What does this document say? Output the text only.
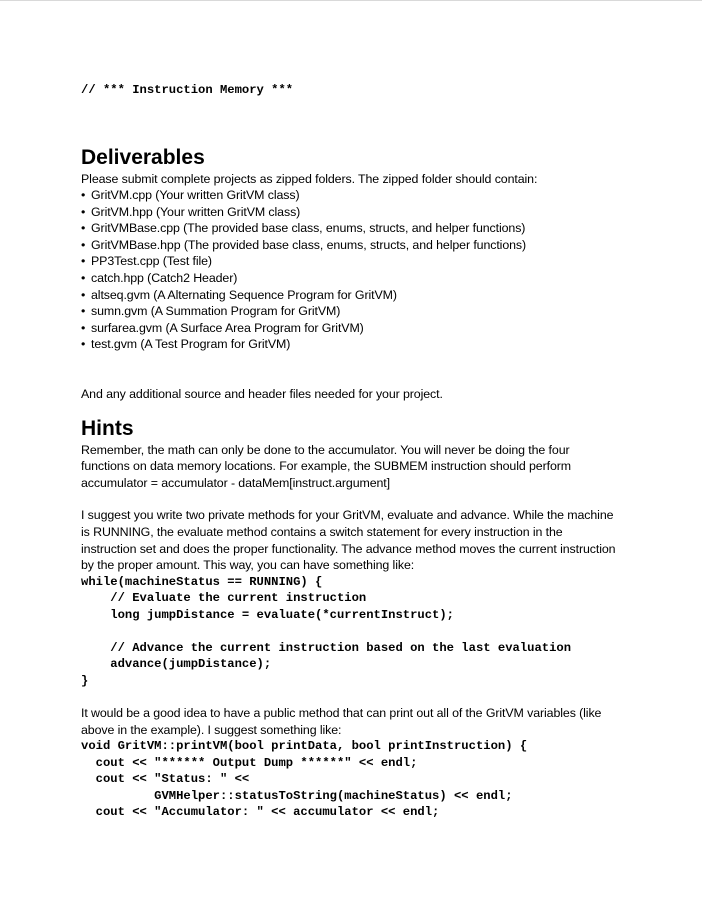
// *** Instruction Memory ***
Deliverables

Please submit complete projects as zipped folders. The zipped folder should contain:

• GritVM.cpp (Your written GritVM class)
• GritVM.hpp (Your written GritVM class)
• GritVMBase.cpp (The provided base class, enums, structs, and helper functions)
• GritVMBase.hpp (The provided base class, enums, structs, and helper functions)
• PP3Test.cpp (Test file)
• catch.hpp (Catch2 Header)
• altseq.gvm (A Alternating Sequence Program for GritVM)
• sumn.gvm (A Summation Program for GritVM)
• surfarea.gvm (A Surface Area Program for GritVM)
• test.gvm (A Test Program for GritVM)

And any additional source and header files needed for your project.

Hints

Remember, the math can only be done to the accumulator. You will never be doing the four functions on data memory locations. For example, the SUBMEM instruction should perform accumulator = accumulator - dataMem[instruct.argument]

I suggest you write two private methods for your GritVM, evaluate and advance. While the machine is RUNNING, the evaluate method contains a switch statement for every instruction in the instruction set and does the proper functionality. The advance method moves the current instruction by the proper amount. This way, you can have something like:

while(machineStatus == RUNNING) {
// Evaluate the current instruction
long jumpDistance = evaluate(*currentInstruct);

// Advance the current instruction based on the last evaluation
advance(jumpDistance);
}

It would be a good idea to have a public method that can print out all of the GritVM variables (like above in the example). I suggest something like:

void GritVM::printVM(bool printData, bool printInstruction) {
cout << "****** Output Dump ******" << endl;
cout << "Status: " <<
GVMHelper::statusToString(machineStatus) << endl;
cout << "Accumulator: " << accumulator << endl;
